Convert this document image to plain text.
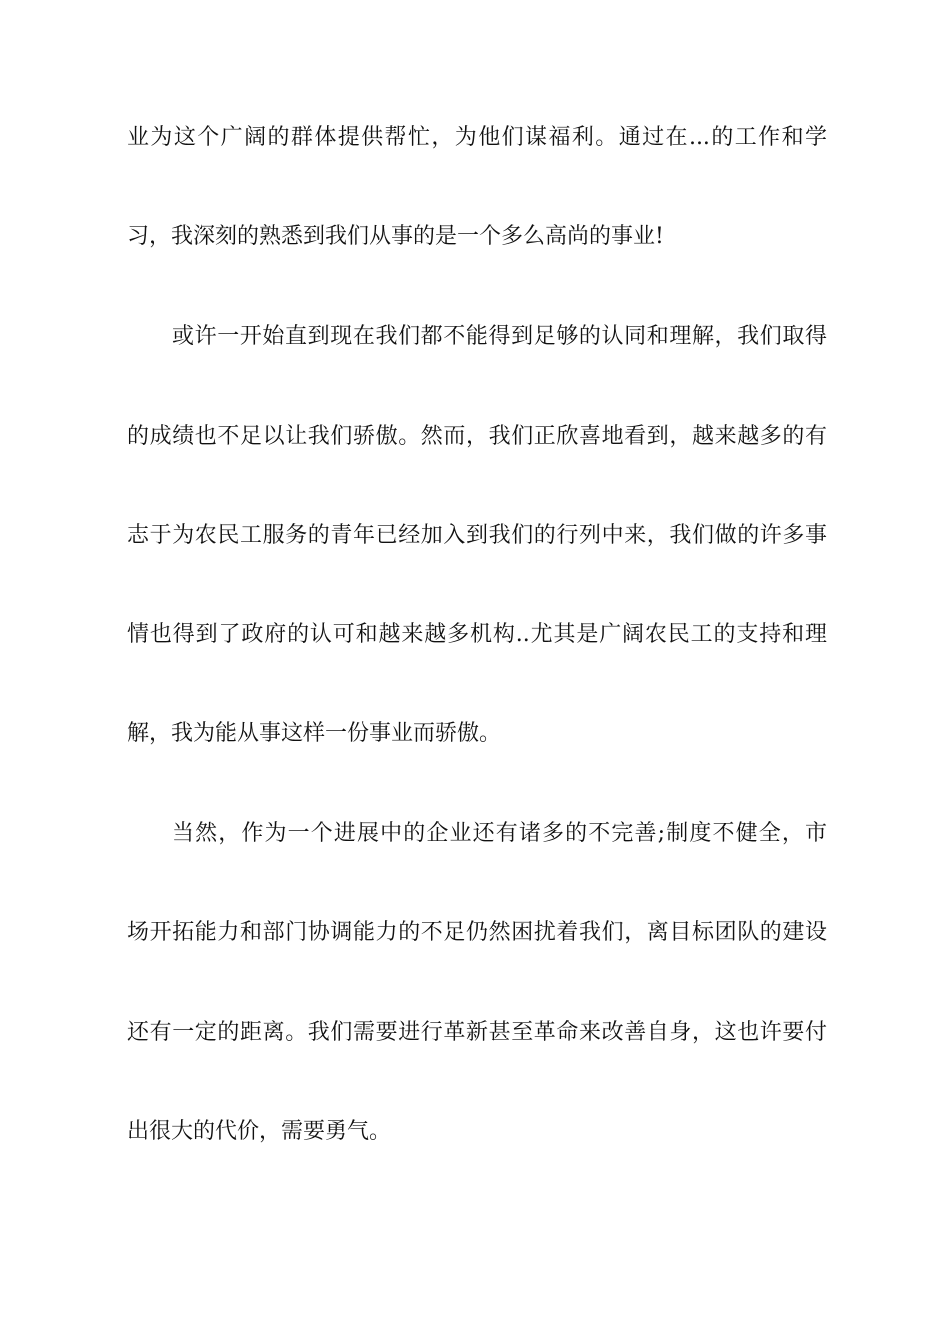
业为这个广阔的群体提供帮忙，为他们谋福利。通过在...的工作和学
习，我深刻的熟悉到我们从事的是一个多么高尚的事业!
或许一开始直到现在我们都不能得到足够的认同和理解，我们取得
的成绩也不足以让我们骄傲。然而，我们正欣喜地看到，越来越多的有
志于为农民工服务的青年已经加入到我们的行列中来，我们做的许多事
情也得到了政府的认可和越来越多机构..尤其是广阔农民工的支持和理
解，我为能从事这样一份事业而骄傲。
当然，作为一个进展中的企业还有诸多的不完善;制度不健全，市
场开拓能力和部门协调能力的不足仍然困扰着我们，离目标团队的建设
还有一定的距离。我们需要进行革新甚至革命来改善自身，这也许要付
出很大的代价，需要勇气。
